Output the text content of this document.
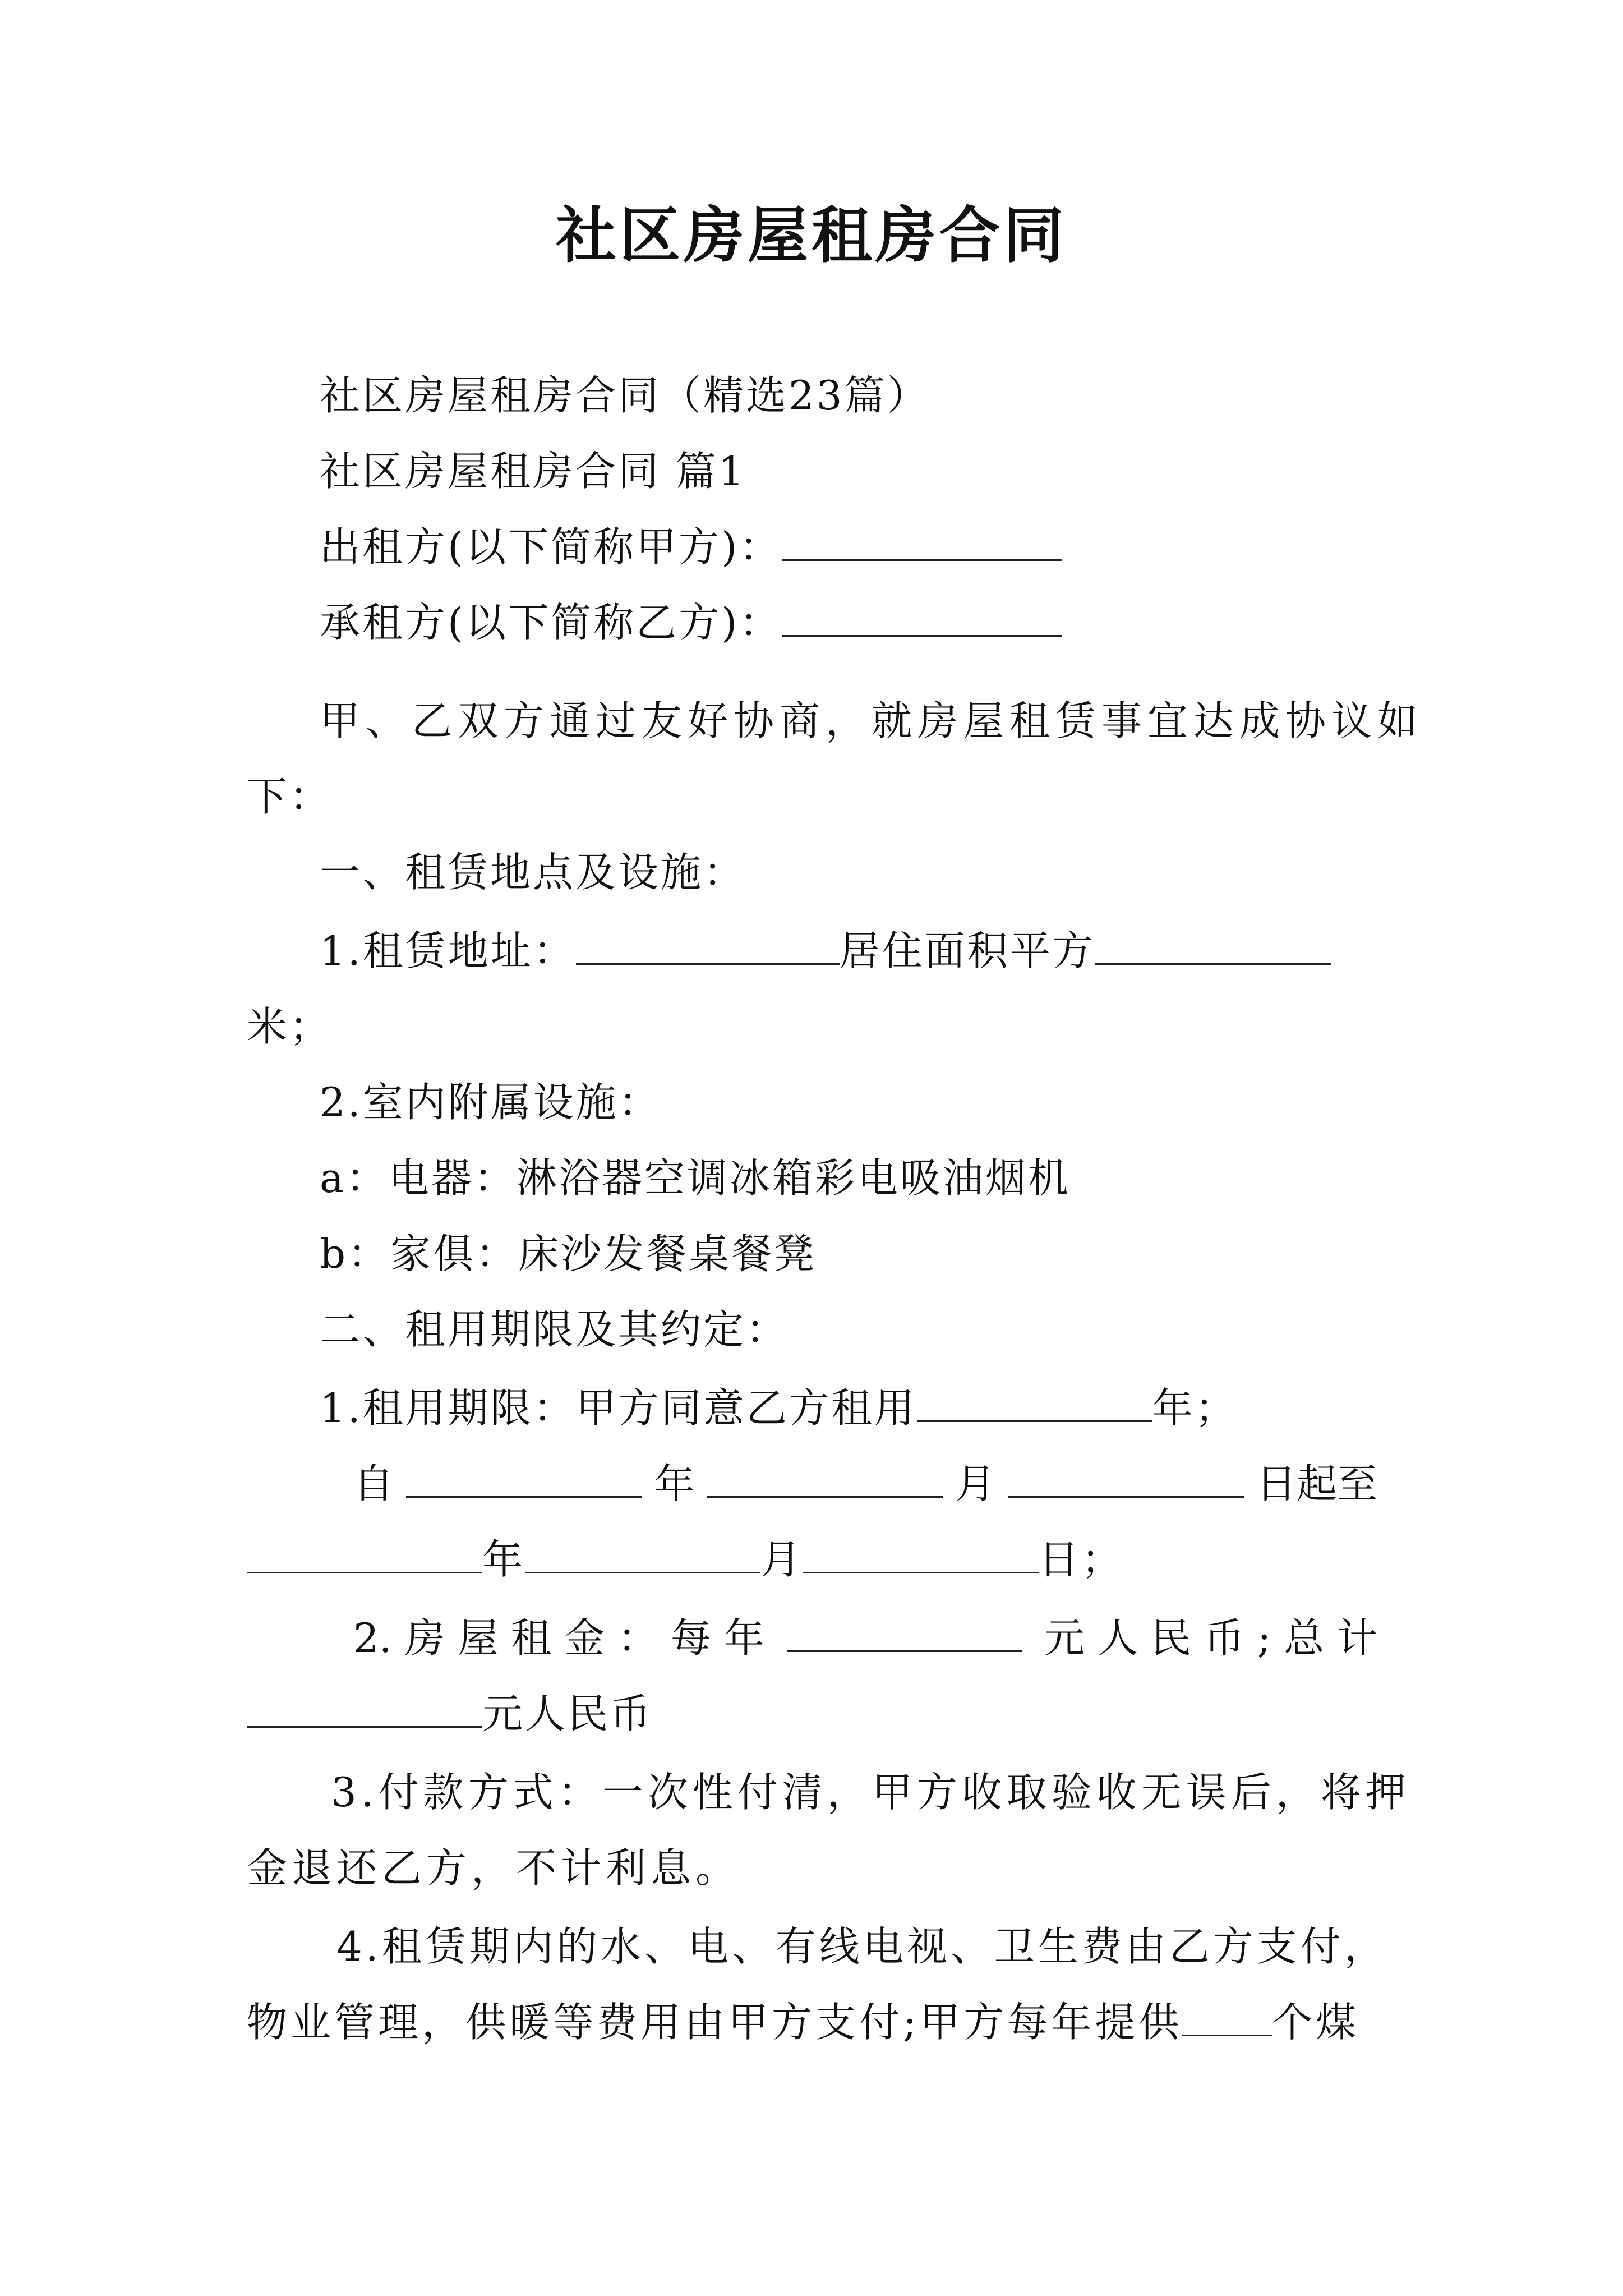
社区房屋租房合同
社区房屋租房合同（精选23篇）
社区房屋租房合同 篇1
出租方(以下简称甲方)：
承租方(以下简称乙方)：
甲、乙双方通过友好协商，就房屋租赁事宜达成协议如
下：
一、租赁地点及设施：
1.租赁地址：	居住面积平方
米；
2.室内附属设施：
a：电器：淋浴器空调冰箱彩电吸油烟机
b：家俱：床沙发餐桌餐凳
二、租用期限及其约定：
1.租用期限：甲方同意乙方租用	年；
自	年	月	日起至
年	月	日；
2. 房 屋 租 金 ： 每 年	元 人 民 币 ; 总 计
元人民币
3.付款方式：一次性付清，甲方收取验收无误后，将押
金退还乙方，不计利息。
4.租赁期内的水、电、有线电视、卫生费由乙方支付，
物业管理，供暖等费用由甲方支付;甲方每年提供 个煤
